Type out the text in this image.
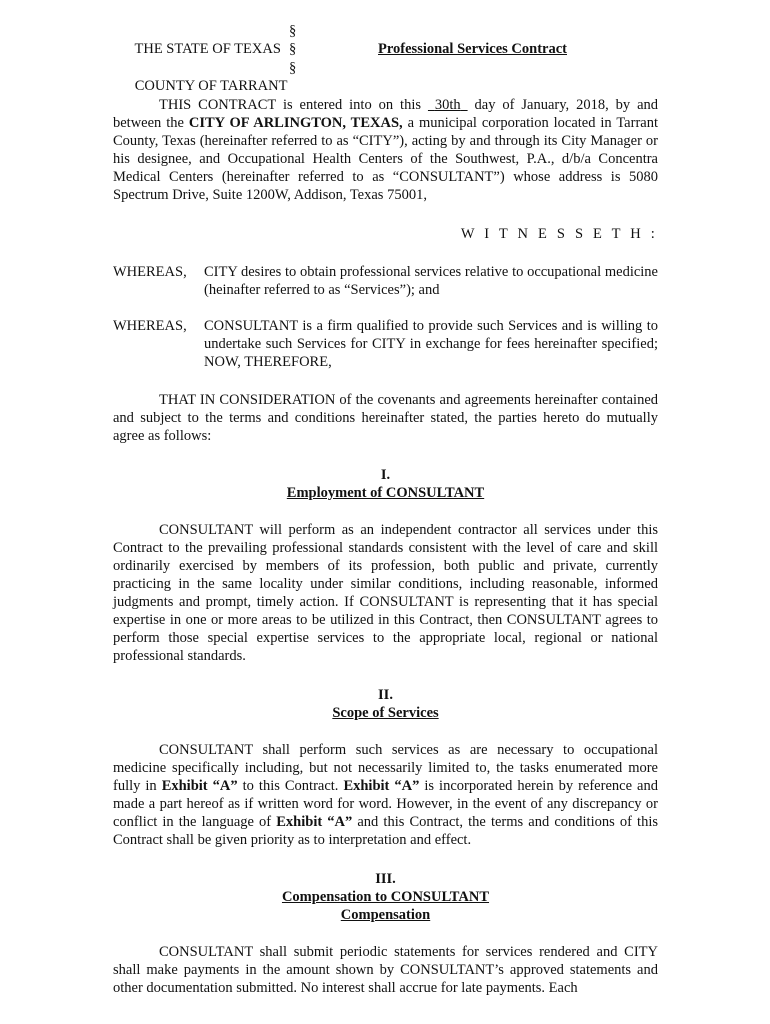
THE STATE OF TEXAS

§
§	Professional Services Contract

COUNTY OF TARRANT

§

THIS CONTRACT is entered into on this  30th  day of January, 2018, by and between the CITY OF ARLINGTON, TEXAS, a municipal corporation located in Tarrant County, Texas (hereinafter referred to as “CITY”), acting by and through its City Manager or his designee, and Occupational Health Centers of the Southwest, P.A., d/b/a Concentra Medical Centers (hereinafter referred to as “CONSULTANT”) whose address is 5080 Spectrum Drive, Suite 1200W, Addison, Texas 75001,

W I T N E S S E T H :
WHEREAS,	CITY desires to obtain professional services relative to occupational medicine (heinafter referred to as “Services”); and
WHEREAS,	CONSULTANT is a firm qualified to provide such Services and is willing to undertake such Services for CITY in exchange for fees hereinafter specified; NOW, THEREFORE,

THAT IN CONSIDERATION of the covenants and agreements hereinafter contained and subject to the terms and conditions hereinafter stated, the parties hereto do mutually agree as follows:

I.
Employment of CONSULTANT

CONSULTANT will perform as an independent contractor all services under this Contract to the prevailing professional standards consistent with the level of care and skill ordinarily exercised by members of its profession, both public and private, currently practicing in the same locality under similar conditions, including reasonable, informed judgments and prompt, timely action. If CONSULTANT is representing that it has special expertise in one or more areas to be utilized in this Contract, then CONSULTANT agrees to perform those special expertise services to the appropriate local, regional or national professional standards.

II.
Scope of Services

CONSULTANT shall perform such services as are necessary to occupational medicine specifically including, but not necessarily limited to, the tasks enumerated more fully in Exhibit “A” to this Contract. Exhibit “A” is incorporated herein by reference and made a part hereof as if written word for word. However, in the event of any discrepancy or conflict in the language of Exhibit “A” and this Contract, the terms and conditions of this Contract shall be given priority as to interpretation and effect.

III.
Compensation to CONSULTANT
Compensation

CONSULTANT shall submit periodic statements for services rendered and CITY shall make payments in the amount shown by CONSULTANT’s approved statements and other documentation submitted. No interest shall accrue for late payments. Each
